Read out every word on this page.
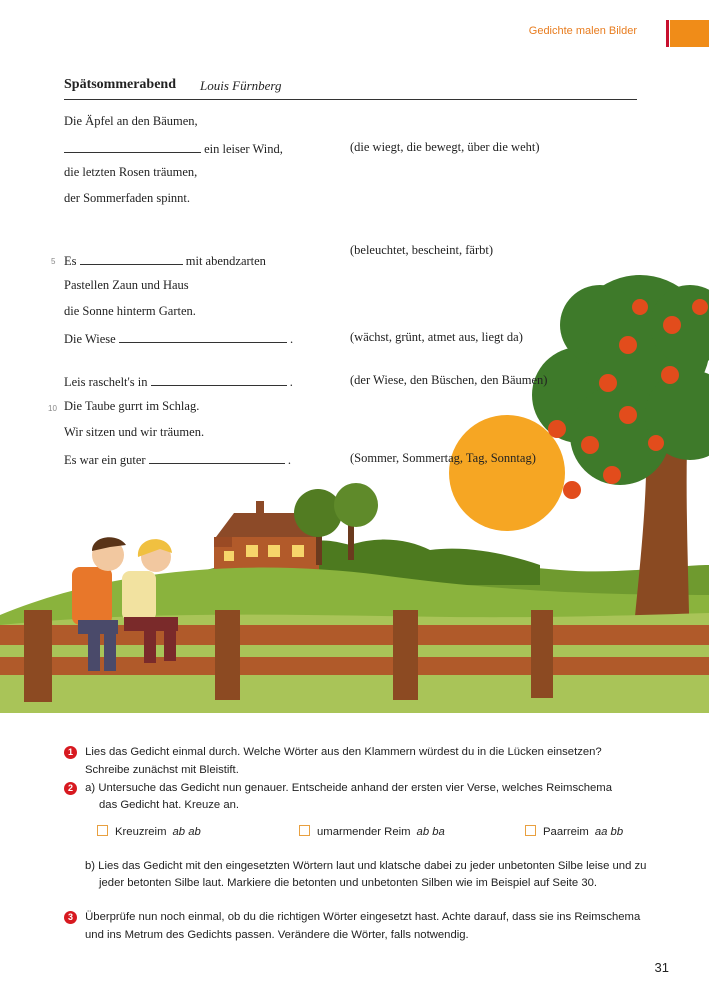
Gedichte malen Bilder
Spätsommerabend Louis Fürnberg
Die Äpfel an den Bäumen,
ein leiser Wind,
die letzten Rosen träumen,
der Sommerfaden spinnt.
5 Es	mit abendzarten
Pastellen Zaun und Haus
die Sonne hinterm Garten.
Die Wiese	.
Leis raschelt's in	.
10 Die Taube gurrt im Schlag.
Wir sitzen und wir träumen.
Es war ein guter	.
(die wiegt, die bewegt, über die weht)
(beleuchtet, bescheint, färbt)
(wächst, grünt, atmet aus, liegt da)
(der Wiese, den Büschen, den Bäumen)
(Sommer, Sommertag, Tag, Sonntag)
1 Lies das Gedicht einmal durch. Welche Wörter aus den Klammern würdest du in die Lücken einsetzen?
Schreibe zunächst mit Bleistift.
2 a) Untersuche das Gedicht nun genauer. Entscheide anhand der ersten vier Verse, welches Reimschema
das Gedicht hat. Kreuze an.
Kreuzreim ab ab	umarmender Reim ab ba	Paarreim aa bb
b) Lies das Gedicht mit den eingesetzten Wörtern laut und klatsche dabei zu jeder unbetonten Silbe leise und zu
jeder betonten Silbe laut. Markiere die betonten und unbetonten Silben wie im Beispiel auf Seite 30.
3 Überprüfe nun noch einmal, ob du die richtigen Wörter eingesetzt hast. Achte darauf, dass sie ins Reimschema
und ins Metrum des Gedichts passen. Verändere die Wörter, falls notwendig.
31
